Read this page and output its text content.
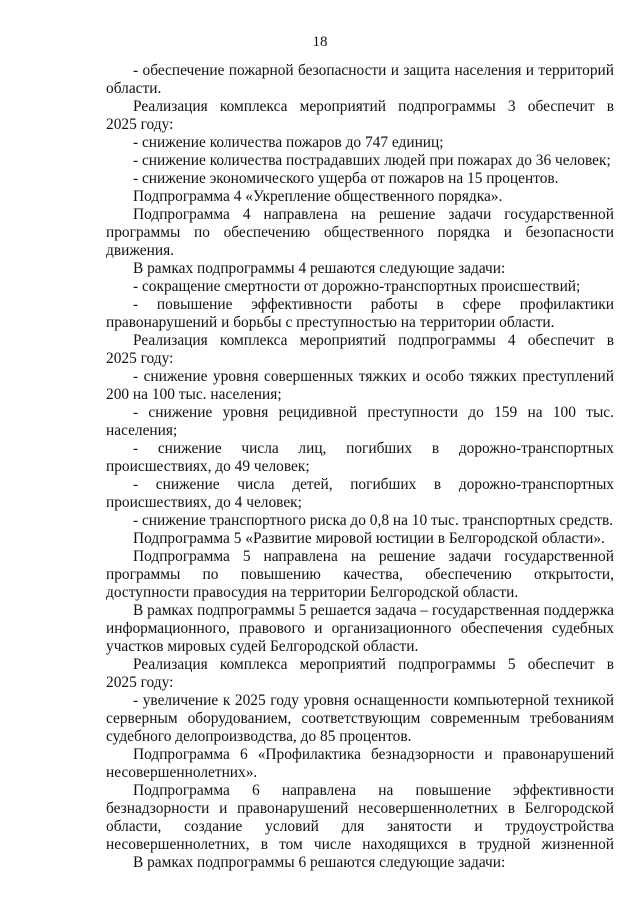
18
- обеспечение пожарной безопасности и защита населения и территорий
области.
Реализация комплекса мероприятий подпрограммы 3 обеспечит в
2025 году:
- снижение количества пожаров до 747 единиц;
- снижение количества пострадавших людей при пожарах до 36 человек;
- снижение экономического ущерба от пожаров на 15 процентов.
Подпрограмма 4 «Укрепление общественного порядка».
Подпрограмма 4 направлена на решение задачи государственной
программы по обеспечению общественного порядка и безопасности
движения.
В рамках подпрограммы 4 решаются следующие задачи:
- сокращение смертности от дорожно-транспортных происшествий;
- повышение эффективности работы в сфере профилактики
правонарушений и борьбы с преступностью на территории области.
Реализация комплекса мероприятий подпрограммы 4 обеспечит в
2025 году:
- снижение уровня совершенных тяжких и особо тяжких преступлений
200 на 100 тыс. населения;
- снижение уровня рецидивной преступности до 159 на 100 тыс.
населения;
- снижение числа лиц, погибших в дорожно-транспортных
происшествиях, до 49 человек;
- снижение числа детей, погибших в дорожно-транспортных
происшествиях, до 4 человек;
- снижение транспортного риска до 0,8 на 10 тыс. транспортных средств.
Подпрограмма 5 «Развитие мировой юстиции в Белгородской области».
Подпрограмма 5 направлена на решение задачи государственной
программы по повышению качества, обеспечению открытости,
доступности правосудия на территории Белгородской области.
В рамках подпрограммы 5 решается задача – государственная поддержка
информационного, правового и организационного обеспечения судебных
участков мировых судей Белгородской области.
Реализация комплекса мероприятий подпрограммы 5 обеспечит в
2025 году:
- увеличение к 2025 году уровня оснащенности компьютерной техникой
серверным оборудованием, соответствующим современным требованиям
судебного делопроизводства, до 85 процентов.
Подпрограмма 6 «Профилактика безнадзорности и правонарушений
несовершеннолетних».
Подпрограмма 6 направлена на повышение эффективности
безнадзорности и правонарушений несовершеннолетних в Белгородской
области, создание условий для занятости и трудоустройства
несовершеннолетних, в том числе находящихся в трудной жизненной
В рамках подпрограммы 6 решаются следующие задачи:
